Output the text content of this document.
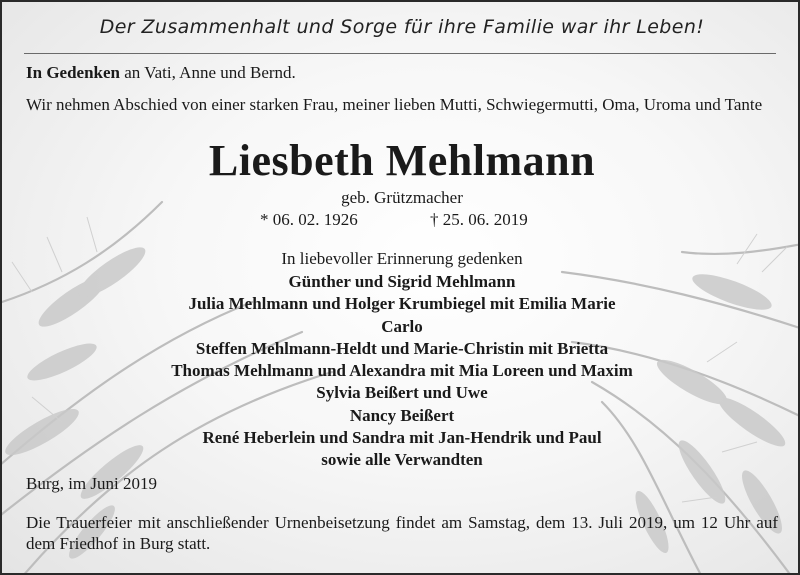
Der Zusammenhalt und Sorge für ihre Familie war ihr Leben!

In Gedenken an Vati, Anne und Bernd.

Wir nehmen Abschied von einer starken Frau, meiner lieben Mutti, Schwiegermutti, Oma, Uroma und Tante

Liesbeth Mehlmann

geb. Grützmacher

* 06. 02. 1926	† 25. 06. 2019

In liebevoller Erinnerung gedenken

Günther und Sigrid Mehlmann
Julia Mehlmann und Holger Krumbiegel mit Emilia Marie
Carlo
Steffen Mehlmann-Heldt und Marie-Christin mit Brietta
Thomas Mehlmann und Alexandra mit Mia Loreen und Maxim
Sylvia Beißert und Uwe
Nancy Beißert
René Heberlein und Sandra mit Jan-Hendrik und Paul
sowie alle Verwandten

Burg, im Juni 2019

Die Trauerfeier mit anschließender Urnenbeisetzung findet am Samstag, dem 13. Juli 2019, um 12 Uhr auf dem Friedhof in Burg statt.
